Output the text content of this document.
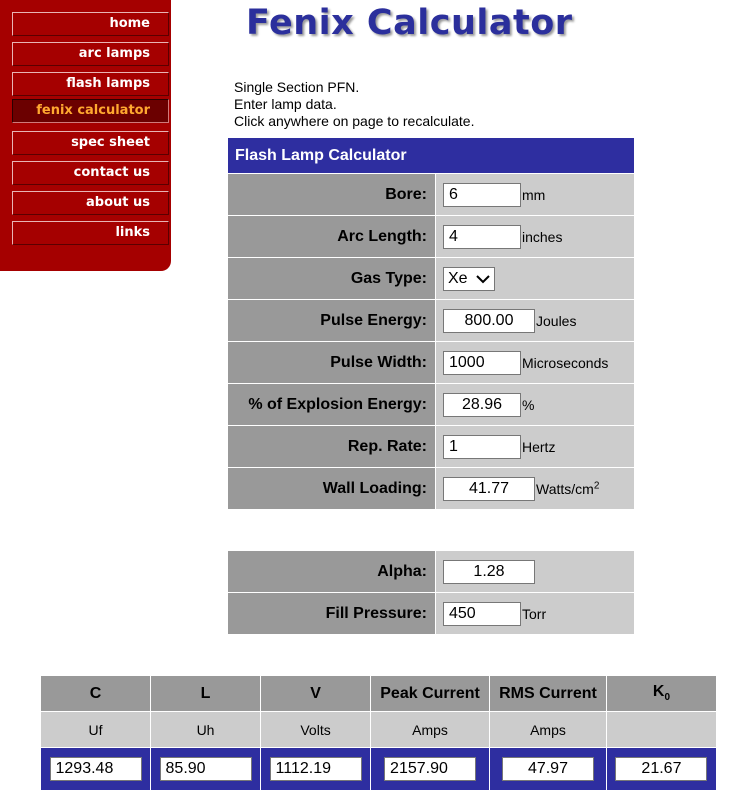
home
arc lamps
flash lamps
fenix calculator
spec sheet
contact us
about us
links
Fenix Calculator
Single Section PFN.
Enter lamp data.
Click anywhere on page to recalculate.
Flash Lamp Calculator	
Bore:	6mm
Arc Length:	4inches
Gas Type:	Xe

Pulse Energy:	800.00Joules
Pulse Width:	1000Microseconds
% of Explosion Energy:	28.96%
Rep. Rate:	1Hertz
Wall Loading:	$41.77Watts/cm^2$
Alpha:	1.28
Fill Pressure:	450Torr
C	L	V	Peak Current	RMS Current	$K_0$
Uf	Uh	Volts	Amps	Amps	
1293.48	85.90	1112.19	2157.90	47.97	21.67
